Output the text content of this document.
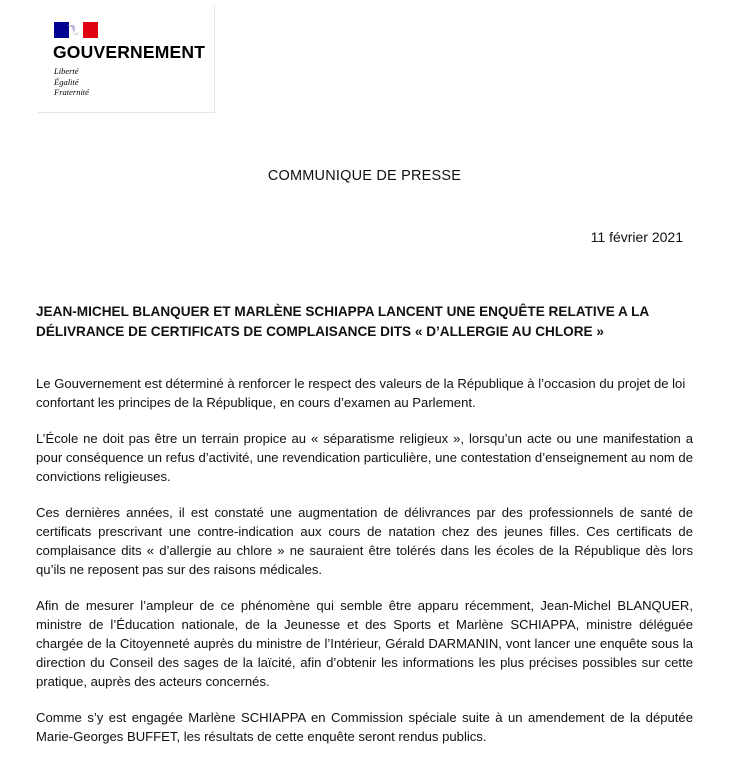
GOUVERNEMENT
Liberté
Égalité
Fraternité
COMMUNIQUE DE PRESSE
11 février 2021
JEAN-MICHEL BLANQUER ET MARLÈNE SCHIAPPA LANCENT UNE ENQUÊTE RELATIVE A LA
DÉLIVRANCE DE CERTIFICATS DE COMPLAISANCE DITS « D’ALLERGIE AU CHLORE »

Le Gouvernement est déterminé à renforcer le respect des valeurs de la République à l’occasion du projet de loi confortant les principes de la République, en cours d’examen au Parlement.

L’École ne doit pas être un terrain propice au « séparatisme religieux », lorsqu’un acte ou une manifestation a pour conséquence un refus d’activité, une revendication particulière, une contestation d’enseignement au nom de convictions religieuses.

Ces dernières années, il est constaté une augmentation de délivrances par des professionnels de santé de certificats prescrivant une contre-indication aux cours de natation chez des jeunes filles. Ces certificats de complaisance dits « d’allergie au chlore » ne sauraient être tolérés dans les écoles de la République dès lors qu’ils ne reposent pas sur des raisons médicales.

Afin de mesurer l’ampleur de ce phénomène qui semble être apparu récemment, Jean-Michel BLANQUER, ministre de l’Éducation nationale, de la Jeunesse et des Sports et Marlène SCHIAPPA, ministre déléguée chargée de la Citoyenneté auprès du ministre de l’Intérieur, Gérald DARMANIN, vont lancer une enquête sous la direction du Conseil des sages de la laïcité, afin d’obtenir les informations les plus précises possibles sur cette pratique, auprès des acteurs concernés.

Comme s’y est engagée Marlène SCHIAPPA en Commission spéciale suite à un amendement de la députée Marie-Georges BUFFET, les résultats de cette enquête seront rendus publics.
